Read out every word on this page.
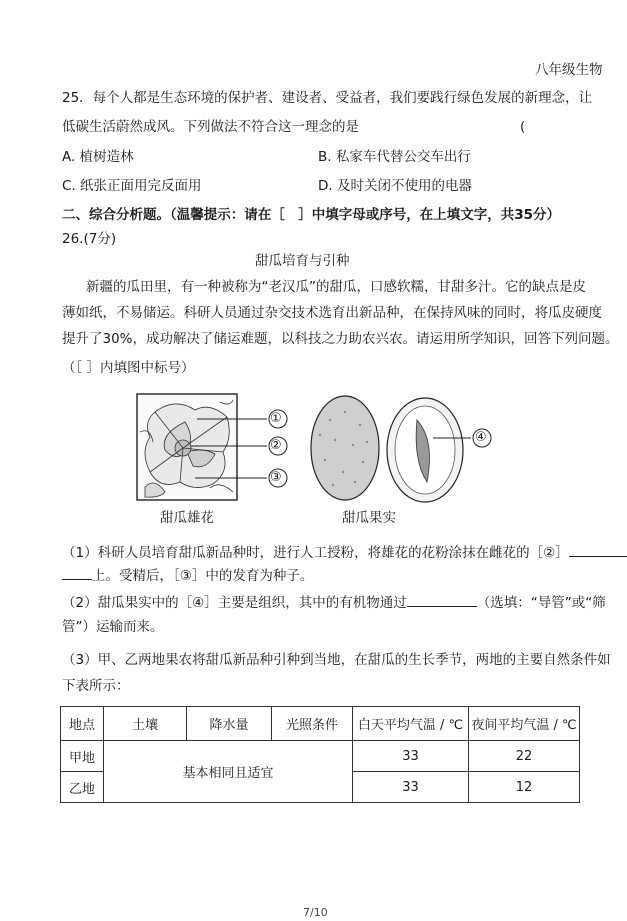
八年级生物
25．每个人都是生态环境的保护者、建设者、受益者，我们要践行绿色发展的新理念，让
低碳生活蔚然成风。下列做法不符合这一理念的是	(
A. 植树造林	B. 私家车代替公交车出行
C. 纸张正面用完反面用	D. 及时关闭不使用的电器
二、综合分析题。（温馨提示：请在［　］中填字母或序号，在上填文字，共35分）
26.(7分)
甜瓜培育与引种
新疆的瓜田里，有一种被称为“老汉瓜”的甜瓜，口感软糯，甘甜多汁。它的缺点是皮
薄如纸，不易储运。科研人员通过杂交技术选育出新品种，在保持风味的同时，将瓜皮硬度
提升了30%，成功解决了储运难题，以科技之力助农兴农。请运用所学知识，回答下列问题。
（［ ］内填图中标号）
①
②
③
④
甜瓜雄花	甜瓜果实
（1）科研人员培育甜瓜新品种时，进行人工授粉，将雄花的花粉涂抹在雌花的［②］
上。受精后，［③］中的发育为种子。
（2）甜瓜果实中的［④］主要是组织，其中的有机物通过	（选填：“导管”或“筛
管”）运输而来。
（3）甲、乙两地果农将甜瓜新品种引种到当地，在甜瓜的生长季节，两地的主要自然条件如
下表所示：
地点	土壤	降水量	光照条件	白天平均气温 / ℃	夜间平均气温 / ℃
甲地	基本相同且适宜			33	22
乙地				33	12
7/10
